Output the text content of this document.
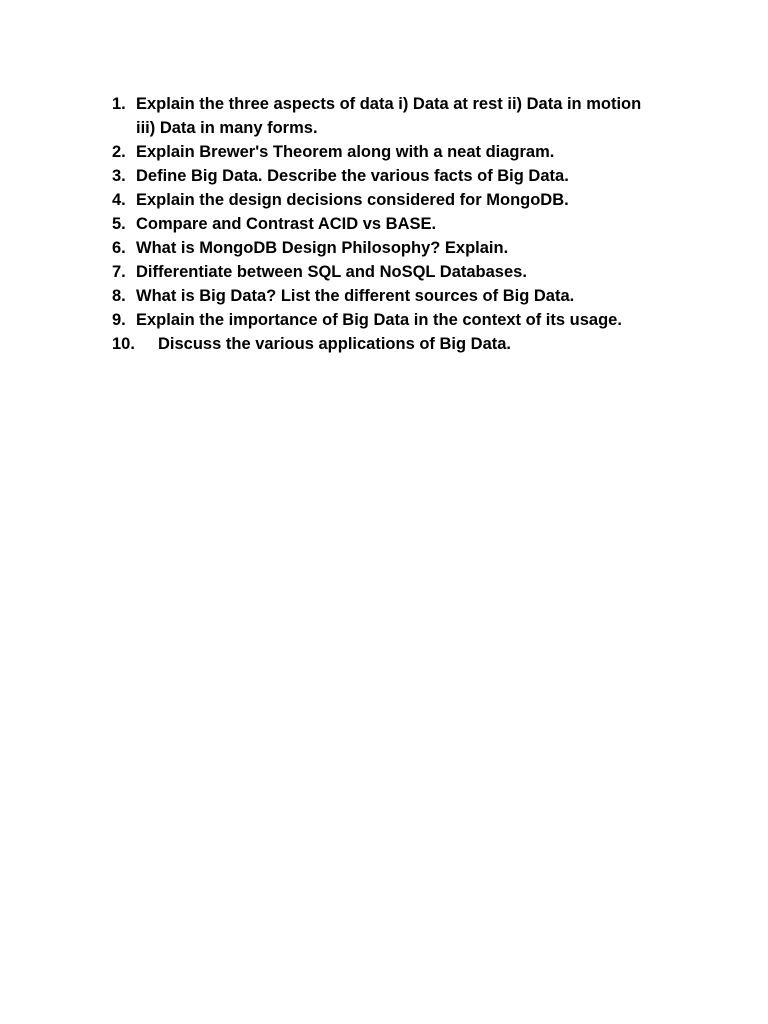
1. Explain the three aspects of data i) Data at rest ii) Data in motion
iii) Data in many forms.
2. Explain Brewer's Theorem along with a neat diagram.
3. Define Big Data. Describe the various facts of Big Data.
4. Explain the design decisions considered for MongoDB.
5. Compare and Contrast ACID vs BASE.
6. What is MongoDB Design Philosophy? Explain.
7. Differentiate between SQL and NoSQL Databases.
8. What is Big Data? List the different sources of Big Data.
9. Explain the importance of Big Data in the context of its usage.
10.	Discuss the various applications of Big Data.
